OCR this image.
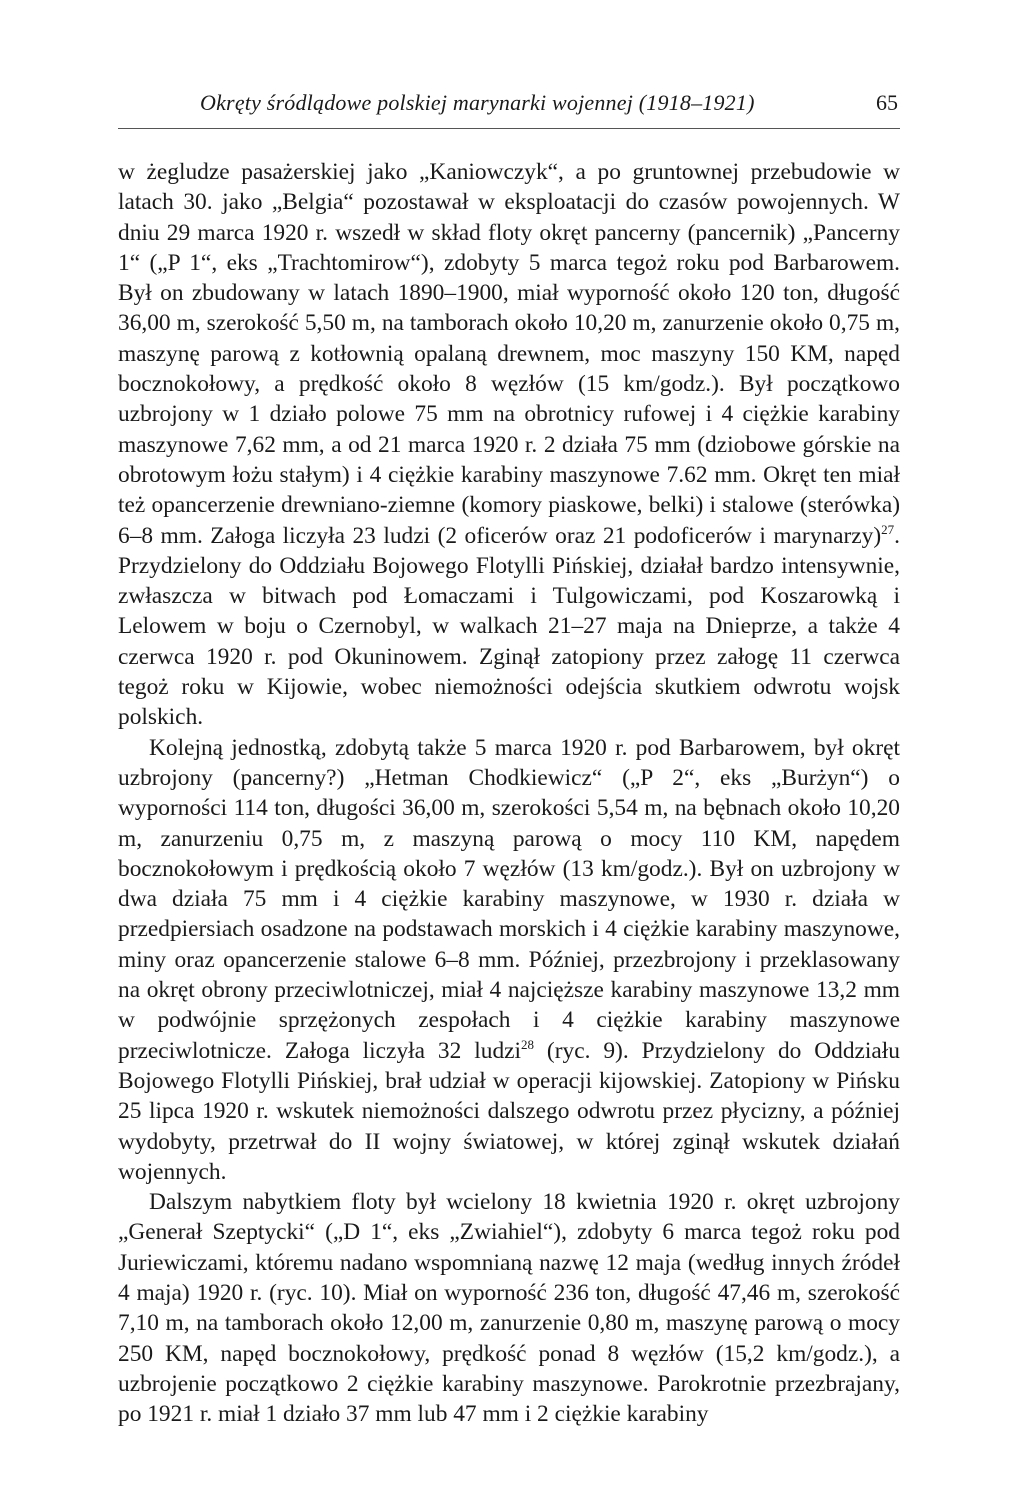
Okręty śródlądowe polskiej marynarki wojennej (1918–1921)	65

w żegludze pasażerskiej jako „Kaniowczyk“, a po gruntownej przebudowie w latach 30. jako „Belgia“ pozostawał w eksploatacji do czasów powojennych. W dniu 29 marca 1920 r. wszedł w skład floty okręt pancerny (pancernik) „Pancerny 1“ („P 1“, eks „Trachtomirow“), zdobyty 5 marca tegoż roku pod Barbarowem. Był on zbudowany w latach 1890–1900, miał wyporność około 120 ton, długość 36,00 m, szerokość 5,50 m, na tamborach około 10,20 m, zanurzenie około 0,75 m, maszynę parową z kotłownią opalaną drewnem, moc maszyny 150 KM, napęd bocznokołowy, a prędkość około 8 węzłów (15 km/godz.). Był początkowo uzbrojony w 1 działo polowe 75 mm na obrotnicy rufowej i 4 ciężkie karabiny maszynowe 7,62 mm, a od 21 marca 1920 r. 2 działa 75 mm (dziobowe górskie na obrotowym łożu stałym) i 4 ciężkie karabiny maszynowe 7.62 mm. Okręt ten miał też opancerzenie drewniano-ziemne (komory piaskowe, belki) i stalowe (sterówka) 6–8 mm. Załoga liczyła 23 ludzi (2 oficerów oraz 21 podoficerów i marynarzy)$^{27}$. Przydzielony do Oddziału Bojowego Flotylli Pińskiej, działał bardzo intensywnie, zwłaszcza w bitwach pod Łomaczami i Tulgowiczami, pod Koszarowką i Lelowem w boju o Czernobyl, w walkach 21–27 maja na Dnieprze, a także 4 czerwca 1920 r. pod Okuninowem. Zginął zatopiony przez załogę 11 czerwca tegoż roku w Kijowie, wobec niemożności odejścia skutkiem odwrotu wojsk polskich.

Kolejną jednostką, zdobytą także 5 marca 1920 r. pod Barbarowem, był okręt uzbrojony (pancerny?) „Hetman Chodkiewicz“ („P 2“, eks „Burżyn“) o wyporności 114 ton, długości 36,00 m, szerokości 5,54 m, na bębnach około 10,20 m, zanurzeniu 0,75 m, z maszyną parową o mocy 110 KM, napędem bocznokołowym i prędkością około 7 węzłów (13 km/godz.). Był on uzbrojony w dwa działa 75 mm i 4 ciężkie karabiny maszynowe, w 1930 r. działa w przedpiersiach osadzone na podstawach morskich i 4 ciężkie karabiny maszynowe, miny oraz opancerzenie stalowe 6–8 mm. Później, przezbrojony i przeklasowany na okręt obrony przeciwlotniczej, miał 4 najcięższe karabiny maszynowe 13,2 mm w podwójnie sprzężonych zespołach i 4 ciężkie karabiny maszynowe przeciwlotnicze. Załoga liczyła 32 ludzi$^{28}$ (ryc. 9). Przydzielony do Oddziału Bojowego Flotylli Pińskiej, brał udział w operacji kijowskiej. Zatopiony w Pińsku 25 lipca 1920 r. wskutek niemożności dalszego odwrotu przez płycizny, a później wydobyty, przetrwał do II wojny światowej, w której zginął wskutek działań wojennych.

Dalszym nabytkiem floty był wcielony 18 kwietnia 1920 r. okręt uzbrojony „Generał Szeptycki“ („D 1“, eks „Zwiahiel“), zdobyty 6 marca tegoż roku pod Juriewiczami, któremu nadano wspomnianą nazwę 12 maja (według innych źródeł 4 maja) 1920 r. (ryc. 10). Miał on wyporność 236 ton, długość 47,46 m, szerokość 7,10 m, na tamborach około 12,00 m, zanurzenie 0,80 m, maszynę parową o mocy 250 KM, napęd bocznokołowy, prędkość ponad 8 węzłów (15,2 km/godz.), a uzbrojenie początkowo 2 ciężkie karabiny maszynowe. Parokrotnie przezbrajany, po 1921 r. miał 1 działo 37 mm lub 47 mm i 2 ciężkie karabiny
